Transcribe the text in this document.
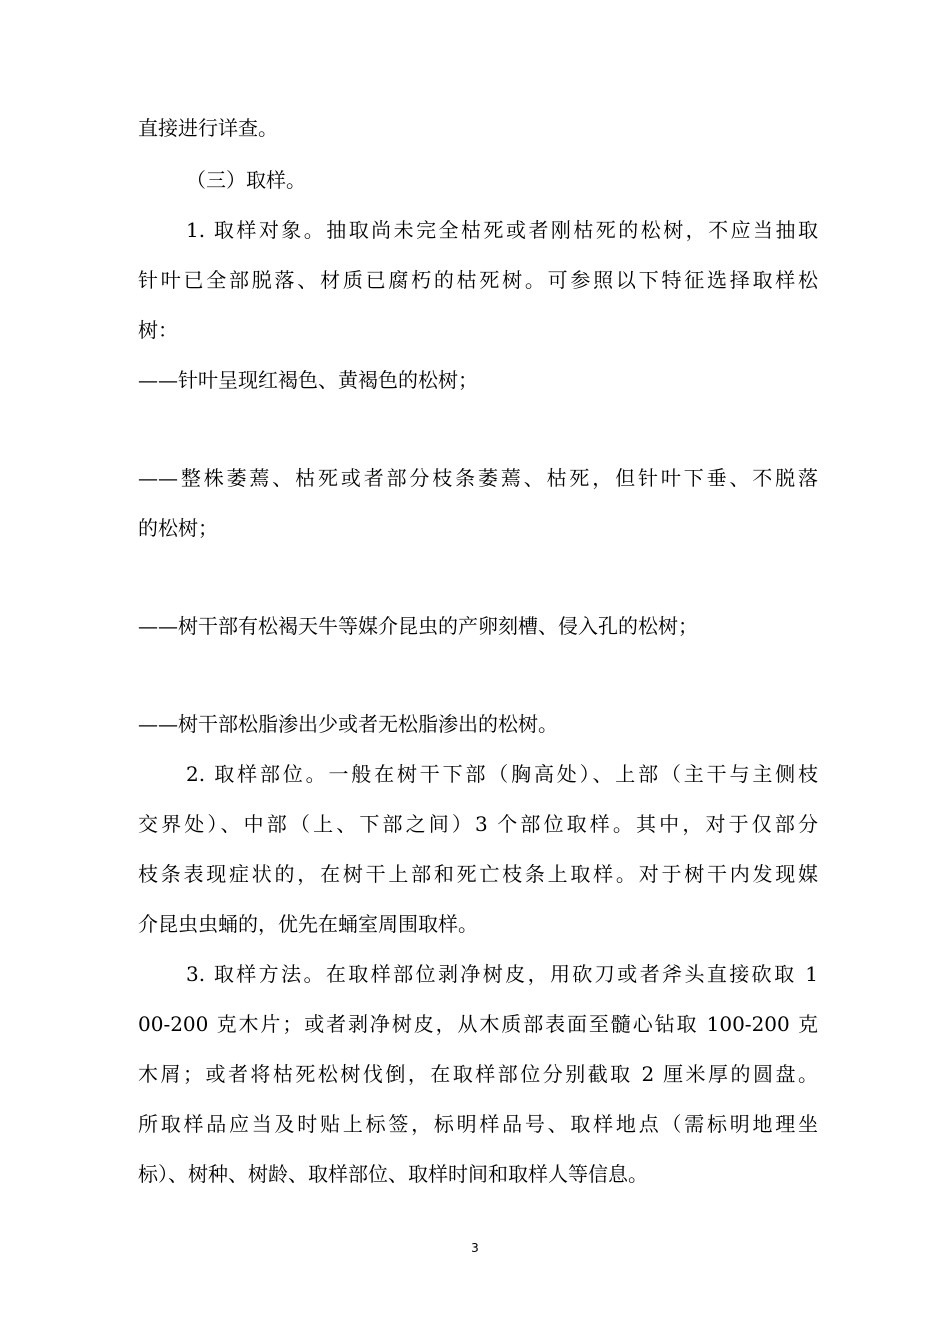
直接进行详查。
（三）取样。
1. 取样对象。抽取尚未完全枯死或者刚枯死的松树，不应当抽取
针叶已全部脱落、材质已腐朽的枯死树。可参照以下特征选择取样松
树：
——针叶呈现红褐色、黄褐色的松树；
——整株萎蔫、枯死或者部分枝条萎蔫、枯死，但针叶下垂、不脱落
的松树；
——树干部有松褐天牛等媒介昆虫的产卵刻槽、侵入孔的松树；
——树干部松脂渗出少或者无松脂渗出的松树。
2. 取样部位。一般在树干下部（胸高处）、上部（主干与主侧枝
交界处）、中部（上、下部之间）3 个部位取样。其中，对于仅部分
枝条表现症状的，在树干上部和死亡枝条上取样。对于树干内发现媒
介昆虫虫蛹的，优先在蛹室周围取样。
3. 取样方法。在取样部位剥净树皮，用砍刀或者斧头直接砍取 1
00-200 克木片；或者剥净树皮，从木质部表面至髓心钻取 100-200 克
木屑；或者将枯死松树伐倒，在取样部位分别截取 2 厘米厚的圆盘。
所取样品应当及时贴上标签，标明样品号、取样地点（需标明地理坐
标）、树种、树龄、取样部位、取样时间和取样人等信息。
3
